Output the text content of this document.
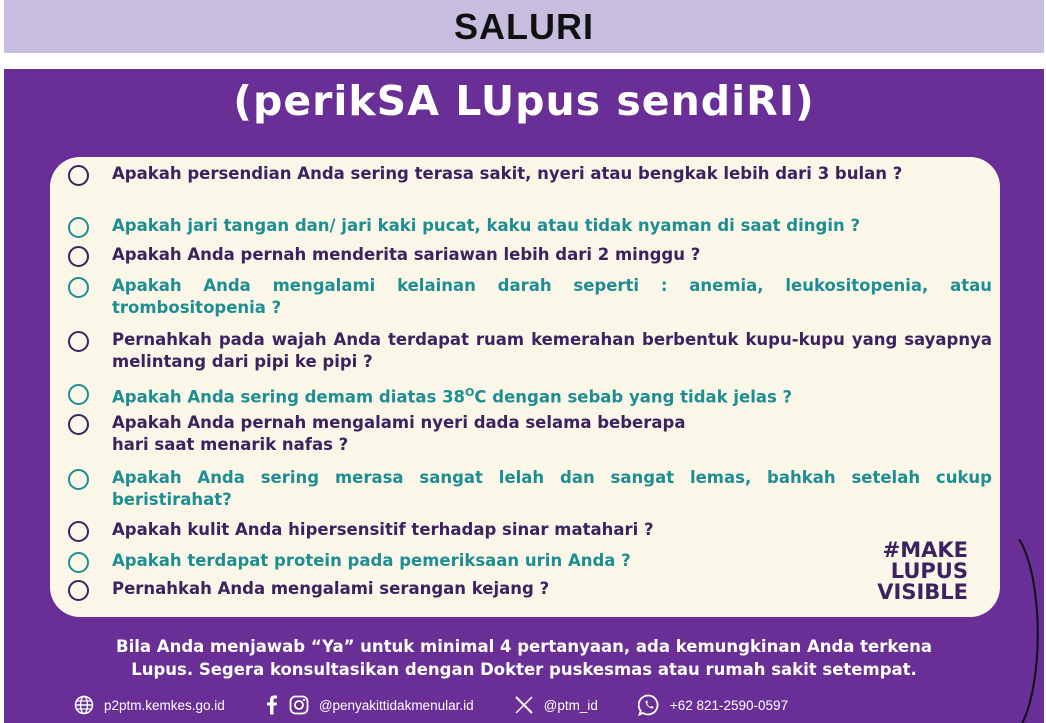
SALURI
(perikSA LUpus sendiRI)
Apakah persendian Anda sering terasa sakit, nyeri atau bengkak lebih dari 3 bulan ?
Apakah jari tangan dan/ jari kaki pucat, kaku atau tidak nyaman di saat dingin ?
Apakah Anda pernah menderita sariawan lebih dari 2 minggu ?
Apakah Anda mengalami kelainan darah seperti : anemia, leukositopenia, atau trombositopenia ?
Pernahkah pada wajah Anda terdapat ruam kemerahan berbentuk kupu-kupu yang sayapnya melintang dari pipi ke pipi ?
Apakah Anda sering demam diatas $38^OC$ dengan sebab yang tidak jelas ?
Apakah Anda pernah mengalami nyeri dada selama beberapa
hari saat menarik nafas ?
Apakah Anda sering merasa sangat lelah dan sangat lemas, bahkah setelah cukup beristirahat?
Apakah kulit Anda hipersensitif terhadap sinar matahari ?
Apakah terdapat protein pada pemeriksaan urin Anda ?
Pernahkah Anda mengalami serangan kejang ?
#MAKE
LUPUS
VISIBLE
Bila Anda menjawab “Ya” untuk minimal 4 pertanyaan, ada kemungkinan Anda terkena
Lupus. Segera konsultasikan dengan Dokter puskesmas atau rumah sakit setempat.
p2ptm.kemkes.go.id	@penyakittidakmenular.id	@ptm_id	+62 821-2590-0597
